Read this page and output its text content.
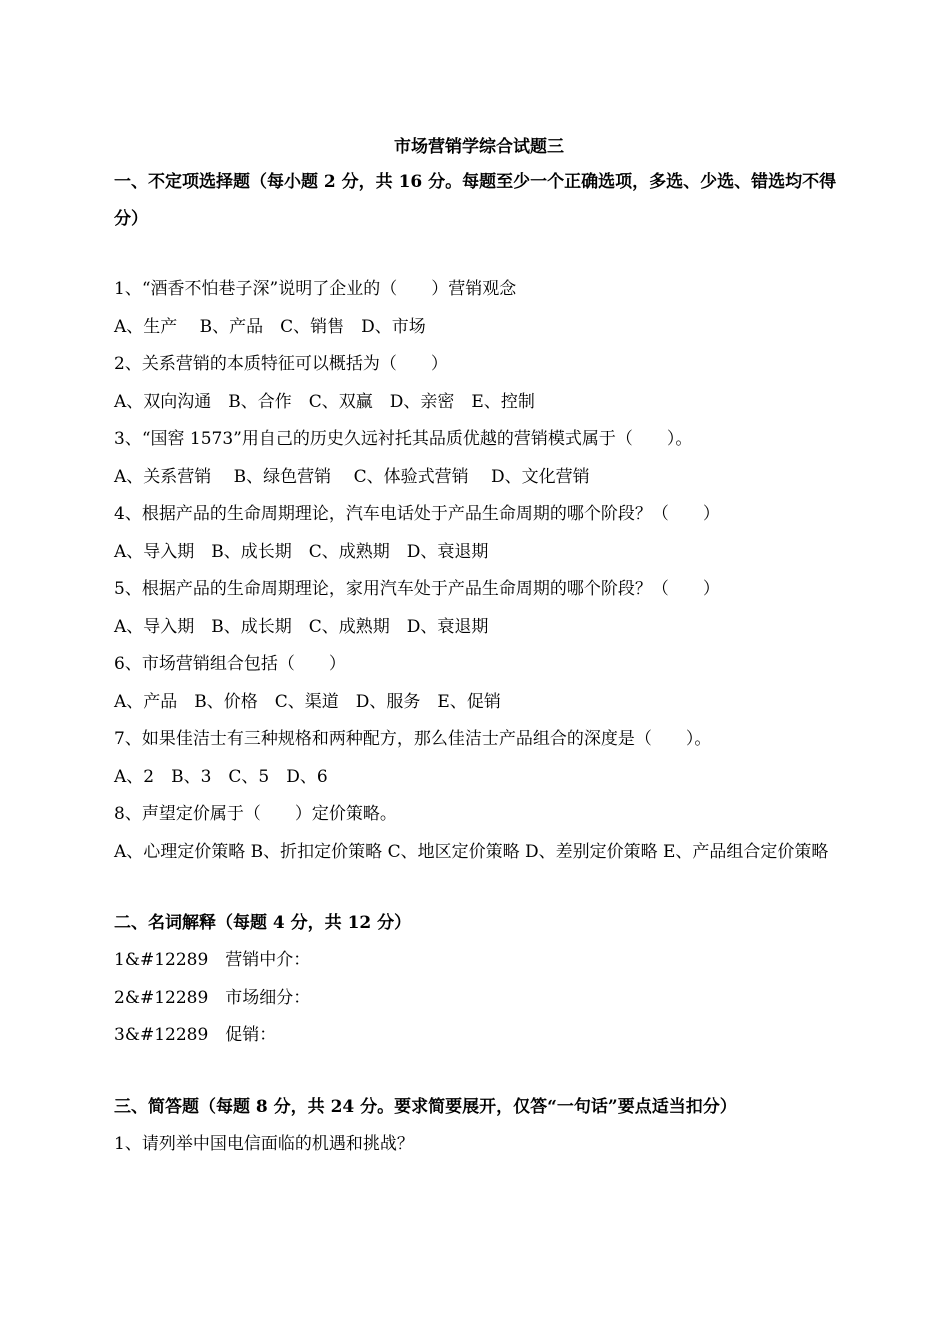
市场营销学综合试题三

一、不定项选择题（每小题 2 分，共 16 分。每题至少一个正确选项，多选、少选、错选均不得分）

1、“酒香不怕巷子深”说明了企业的（　　）营销观念

A、生产　 B、产品　C、销售　D、市场

2、关系营销的本质特征可以概括为（　　）

A、双向沟通　B、合作　C、双赢　D、亲密　E、控制

3、“国窖 1573”用自己的历史久远衬托其品质优越的营销模式属于（　　）。

A、关系营销　 B、绿色营销　 C、体验式营销　 D、文化营销

4、根据产品的生命周期理论，汽车电话处于产品生命周期的哪个阶段？（　　）

A、导入期　B、成长期　C、成熟期　D、衰退期

5、根据产品的生命周期理论，家用汽车处于产品生命周期的哪个阶段？（　　）

A、导入期　B、成长期　C、成熟期　D、衰退期

6、市场营销组合包括（　　）

A、产品　B、价格　C、渠道　D、服务　E、促销

7、如果佳洁士有三种规格和两种配方，那么佳洁士产品组合的深度是（　　）。

A、2　B、3　C、5　D、6

8、声望定价属于（　　）定价策略。

A、心理定价策略 B、折扣定价策略 C、地区定价策略 D、差别定价策略 E、产品组合定价策略

二、名词解释（每题 4 分，共 12 分）

1&#12289　营销中介：

2&#12289　市场细分：

3&#12289　促销：

三、简答题（每题 8 分，共 24 分。要求简要展开，仅答“一句话”要点适当扣分）

1、请列举中国电信面临的机遇和挑战？
